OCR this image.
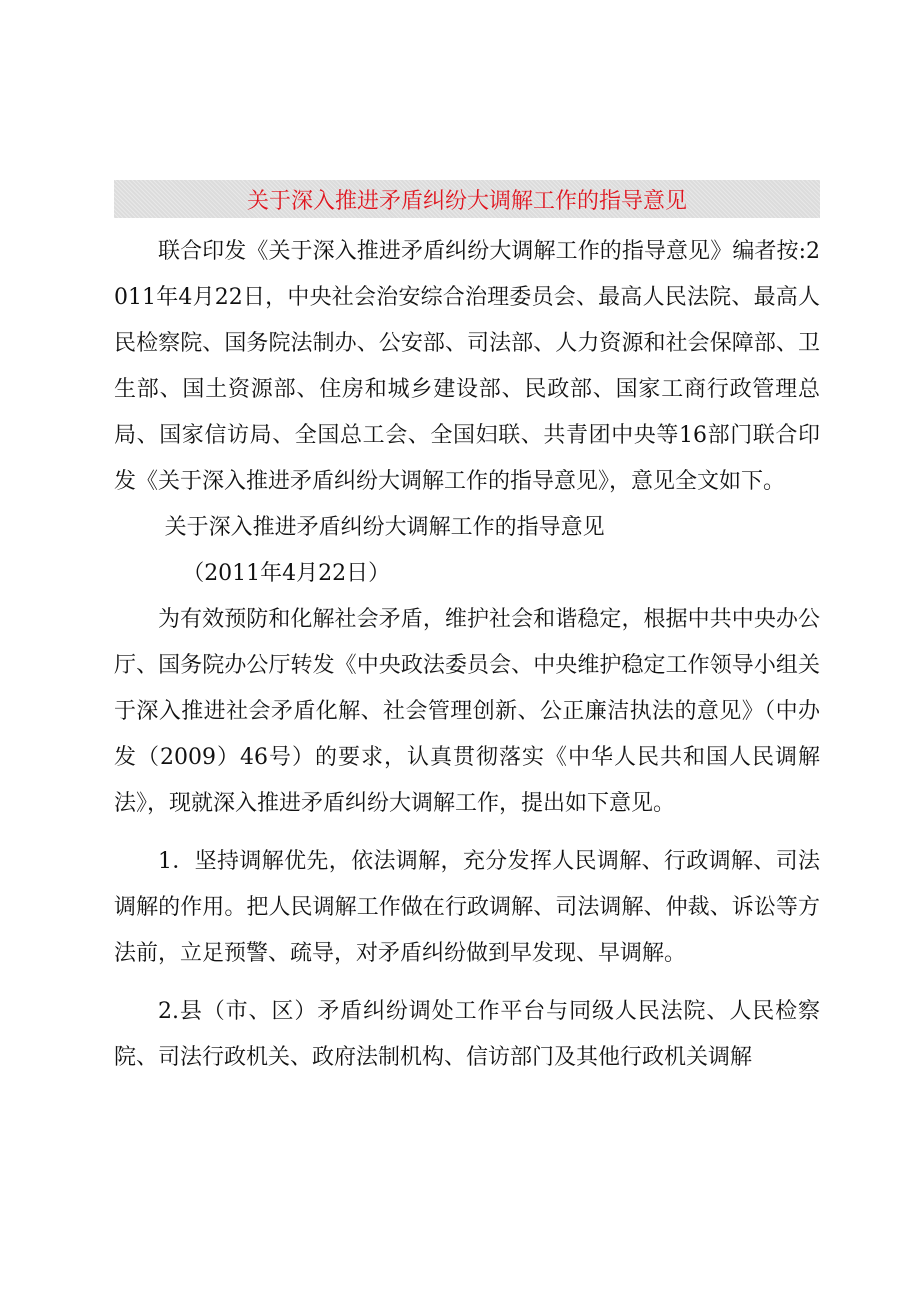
关于深入推进矛盾纠纷大调解工作的指导意见

联合印发《关于深入推进矛盾纠纷大调解工作的指导意见》编者按:2011年4月22日，中央社会治安综合治理委员会、最高人民法院、最高人民检察院、国务院法制办、公安部、司法部、人力资源和社会保障部、卫生部、国土资源部、住房和城乡建设部、民政部、国家工商行政管理总局、国家信访局、全国总工会、全国妇联、共青团中央等16部门联合印发《关于深入推进矛盾纠纷大调解工作的指导意见》，意见全文如下。

关于深入推进矛盾纠纷大调解工作的指导意见

（2011年4月22日）

为有效预防和化解社会矛盾，维护社会和谐稳定，根据中共中央办公厅、国务院办公厅转发《中央政法委员会、中央维护稳定工作领导小组关于深入推进社会矛盾化解、社会管理创新、公正廉洁执法的意见》（中办发（2009）46号）的要求，认真贯彻落实《中华人民共和国人民调解法》，现就深入推进矛盾纠纷大调解工作，提出如下意见。

1．坚持调解优先，依法调解，充分发挥人民调解、行政调解、司法调解的作用。把人民调解工作做在行政调解、司法调解、仲裁、诉讼等方法前，立足预警、疏导，对矛盾纠纷做到早发现、早调解。

2.县（市、区）矛盾纠纷调处工作平台与同级人民法院、人民检察院、司法行政机关、政府法制机构、信访部门及其他行政机关调解
